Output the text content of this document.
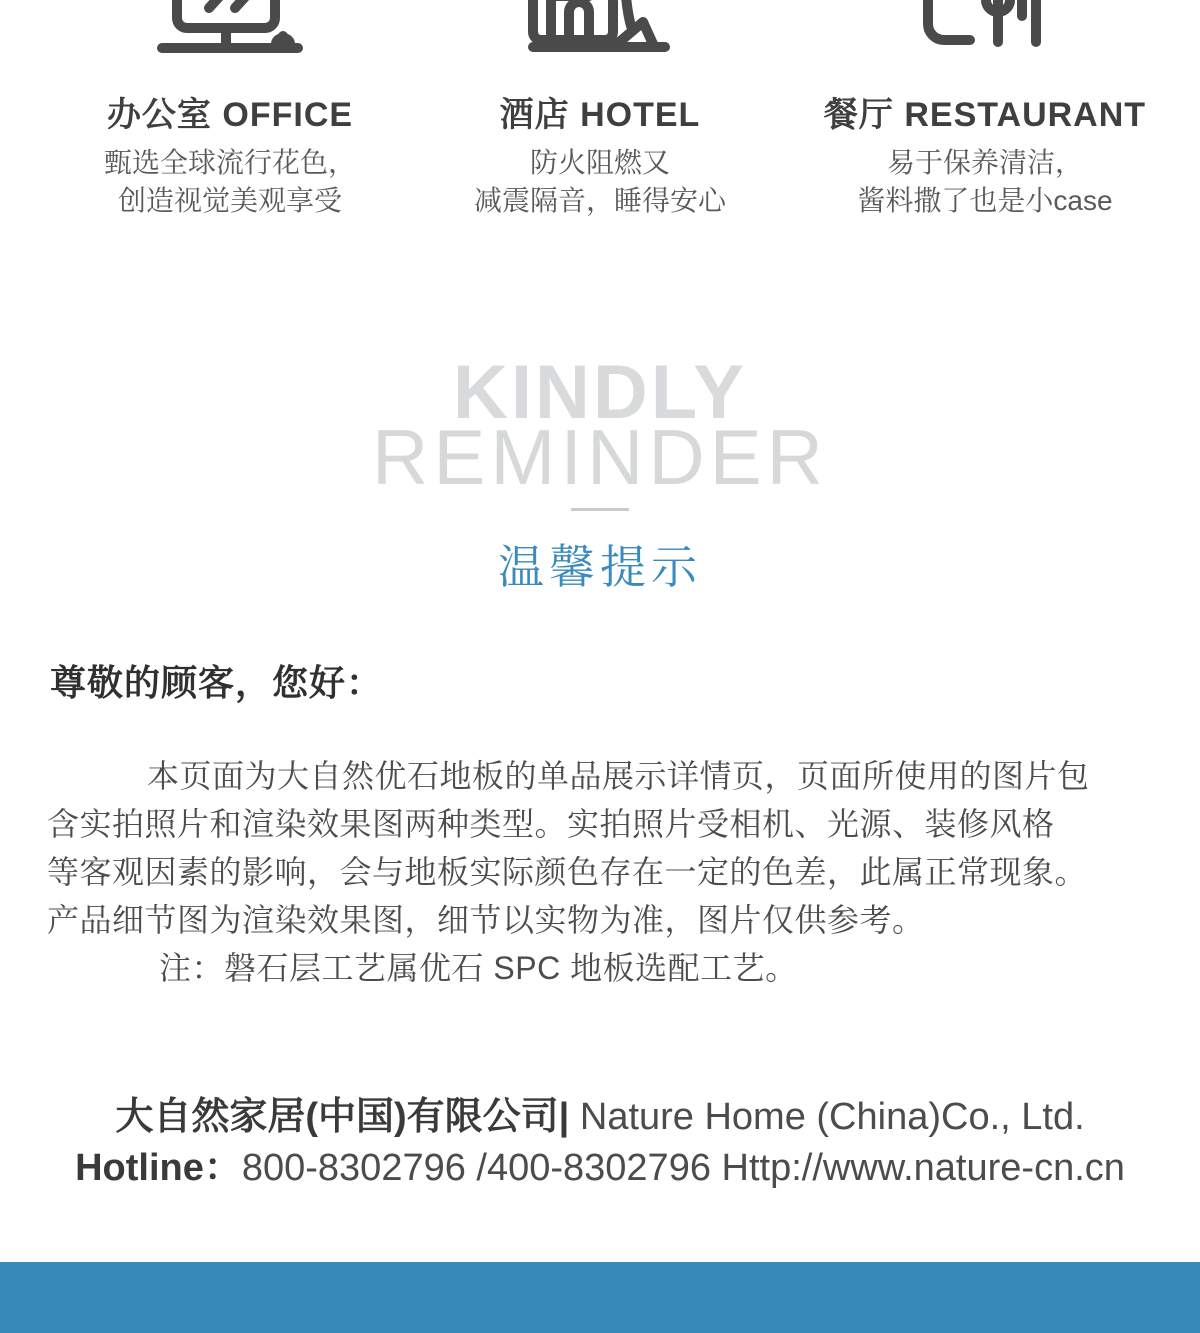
办公室 OFFICE

甄选全球流行花色，

创造视觉美观享受

酒店 HOTEL

防火阻燃又

减震隔音，睡得安心

餐厅 RESTAURANT

易于保养清洁，

酱料撒了也是小case

KINDLY
REMINDER
温馨提示
尊敬的顾客，您好：
本页面为大自然优石地板的单品展示详情页，页面所使用的图片包
含实拍照片和渲染效果图两种类型。实拍照片受相机、光源、装修风格
等客观因素的影响，会与地板实际颜色存在一定的色差，此属正常现象。
产品细节图为渲染效果图，细节以实物为准，图片仅供参考。
注：磐石层工艺属优石 SPC 地板选配工艺。
大自然家居(中国)有限公司| Nature Home (China)Co., Ltd.
Hotline：800-8302796 /400-8302796 Http://www.nature-cn.cn
